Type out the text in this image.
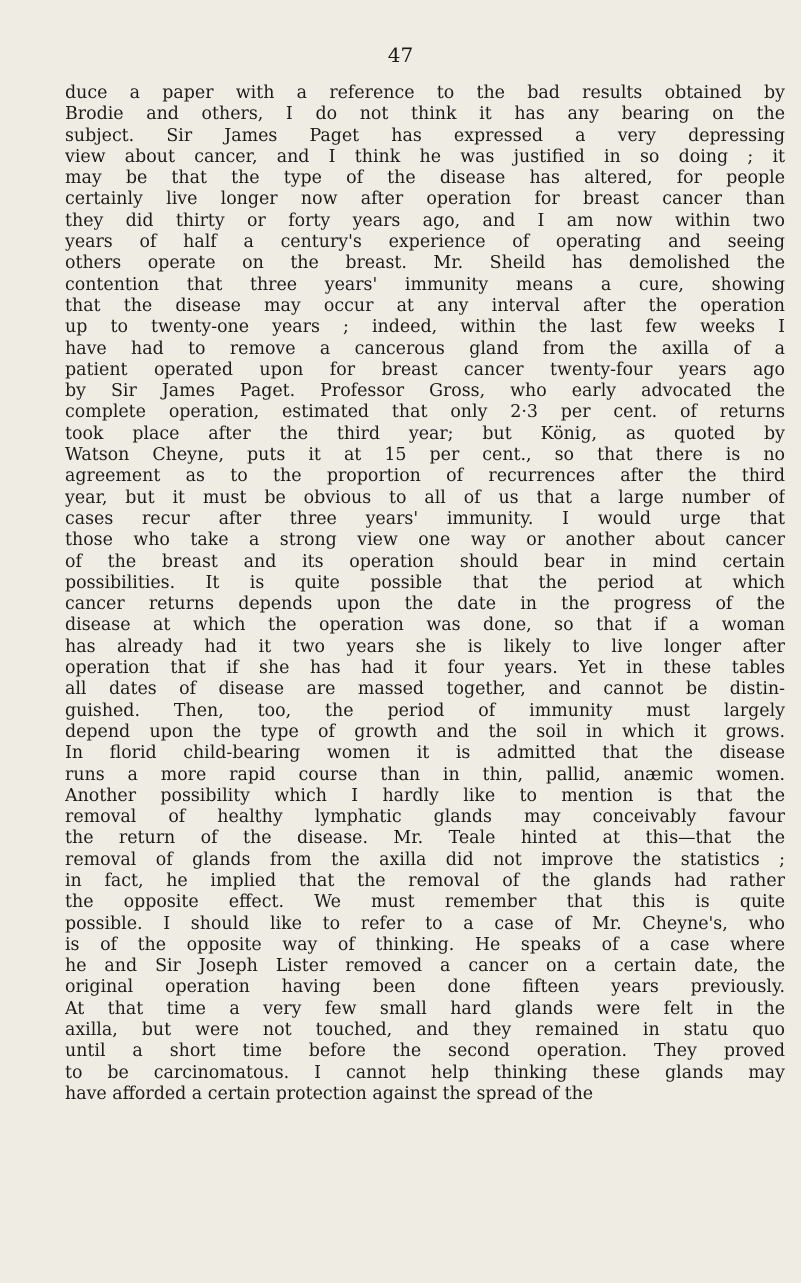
47
duce a paper with a reference to the bad results obtained by
Brodie and others, I do not think it has any bearing on the
subject. Sir James Paget has expressed a very depressing
view about cancer, and I think he was justified in so doing ; it
may be that the type of the disease has altered, for people
certainly live longer now after operation for breast cancer than
they did thirty or forty years ago, and I am now within two
years of half a century's experience of operating and seeing
others operate on the breast. Mr. Sheild has demolished the
contention that three years' immunity means a cure, showing
that the disease may occur at any interval after the operation
up to twenty-one years ; indeed, within the last few weeks I
have had to remove a cancerous gland from the axilla of a
patient operated upon for breast cancer twenty-four years ago
by Sir James Paget. Professor Gross, who early advocated the
complete operation, estimated that only 2·3 per cent. of returns
took place after the third year; but König, as quoted by
Watson Cheyne, puts it at 15 per cent., so that there is no
agreement as to the proportion of recurrences after the third
year, but it must be obvious to all of us that a large number of
cases recur after three years' immunity. I would urge that
those who take a strong view one way or another about cancer
of the breast and its operation should bear in mind certain
possibilities. It is quite possible that the period at which
cancer returns depends upon the date in the progress of the
disease at which the operation was done, so that if a woman
has already had it two years she is likely to live longer after
operation that if she has had it four years. Yet in these tables
all dates of disease are massed together, and cannot be distin-
guished. Then, too, the period of immunity must largely
depend upon the type of growth and the soil in which it grows.
In florid child-bearing women it is admitted that the disease
runs a more rapid course than in thin, pallid, anæmic women.
Another possibility which I hardly like to mention is that the
removal of healthy lymphatic glands may conceivably favour
the return of the disease. Mr. Teale hinted at this—that the
removal of glands from the axilla did not improve the statistics ;
in fact, he implied that the removal of the glands had rather
the opposite effect. We must remember that this is quite
possible. I should like to refer to a case of Mr. Cheyne's, who
is of the opposite way of thinking. He speaks of a case where
he and Sir Joseph Lister removed a cancer on a certain date, the
original operation having been done fifteen years previously.
At that time a very few small hard glands were felt in the
axilla, but were not touched, and they remained in statu quo
until a short time before the second operation. They proved
to be carcinomatous. I cannot help thinking these glands may
have afforded a certain protection against the spread of the
